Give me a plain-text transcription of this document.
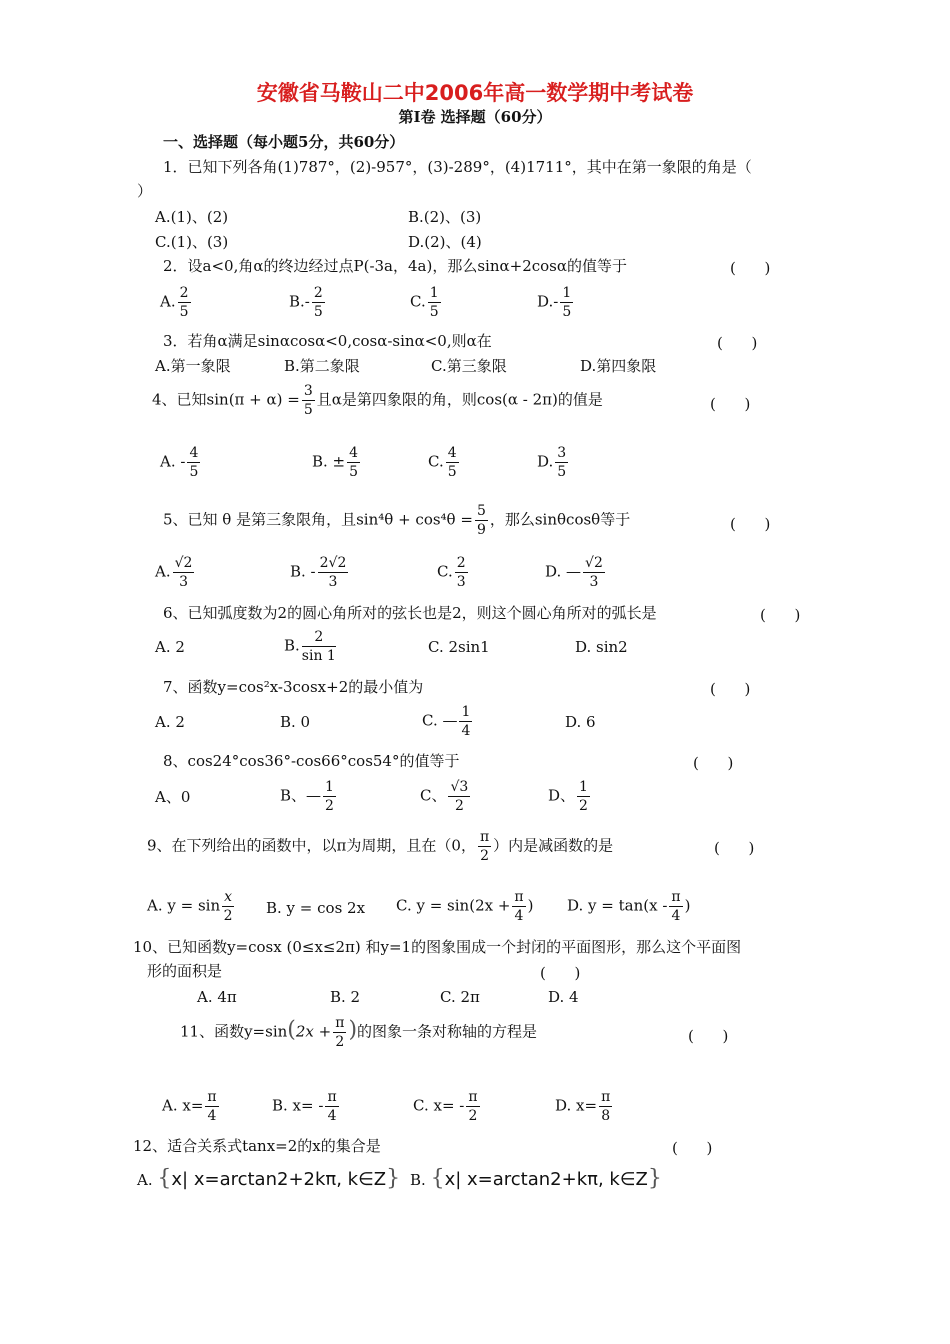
安徽省马鞍山二中2006年高一数学期中考试卷
第Ⅰ卷 选择题（60分）
一、选择题（每小题5分，共60分）
1．已知下列各角(1)787°，(2)-957°，(3)-289°，(4)1711°，其中在第一象限的角是（
）
A.(1)、(2)	B.(2)、(3)
C.(1)、(3)	D.(2)、(4)
2．设a<0,角α的终边经过点P(-3a，4a)，那么sinα+2cosα的值等于	(      )
A. $\frac{2}{5}$	$B.- \frac{2}{5}$	C. $\frac{1}{5}$	$D.- \frac{1}{5}$
3．若角α满足sinαcosα<0,cosα-sinα<0,则α在	(      )
A.第一象限	B.第二象限	C.第三象限	D.第四象限
4、已知$\sin(\pi + \alpha) = \frac{3}{5}$ 且α是第四象限的角，则cos(α - 2π)的值是	(      )
A. - $\frac{4}{5}$	B. ± $\frac{4}{5}$	C. $\frac{4}{5}$	D. $\frac{3}{5}$
5、已知 θ 是第三象限角，且$\sin^4\theta + \cos^4\theta = \frac{5}{9}$ ，那么sinθcosθ等于	(      )
A. $\frac{√2}{3}$	B. - $\frac{2√2}{3}$	C. $\frac{2}{3}$	D. — $\frac{√2}{3}$
6、已知弧度数为2的圆心角所对的弦长也是2，则这个圆心角所对的弧长是	(      )
A. 2	B. $\frac{2}{\sin 1}$	C. 2sin1	D. sin2
7、函数y=cos²x-3cosx+2的最小值为	(      )
A. 2	B. 0	C. — $\frac{1}{4}$	D. 6
8、cos24°cos36°-cos66°cos54°的值等于	(      )
A、0	B、— $\frac{1}{2}$	C、 $\frac{√3}{2}$	D、 $\frac{1}{2}$
9、在下列给出的函数中，以π为周期，且在（0， $\frac{\pi}{2}$ ）内是减函数的是	(      )
A. $y = \sin \frac{x}{2} B$. y = cos 2x C. $y = \sin(2x + \frac{\pi}{4}$ ) D. $y = \tan(x - \frac{\pi}{4}$ )
10、已知函数y=cosx (0≤x≤2π) 和y=1的图象围成一个封闭的平面图形，那么这个平面图
形的面积是	(      )
A. 4π	B. 2	C. 2π	D. 4
11、函数$y=\sin(2x + \frac{\pi}{2}$ )的图象一条对称轴的方程是	(      )
A. $x= \frac{\pi}{4}$	B. $x= - \frac{\pi}{4}$	C. $x= - \frac{\pi}{2}$	D. $x= \frac{\pi}{8}$
12、适合关系式tanx=2的x的集合是	(      )
A. {x| x=arctan2+2kπ, k∈Z} B. {x| x=arctan2+kπ, k∈Z}
